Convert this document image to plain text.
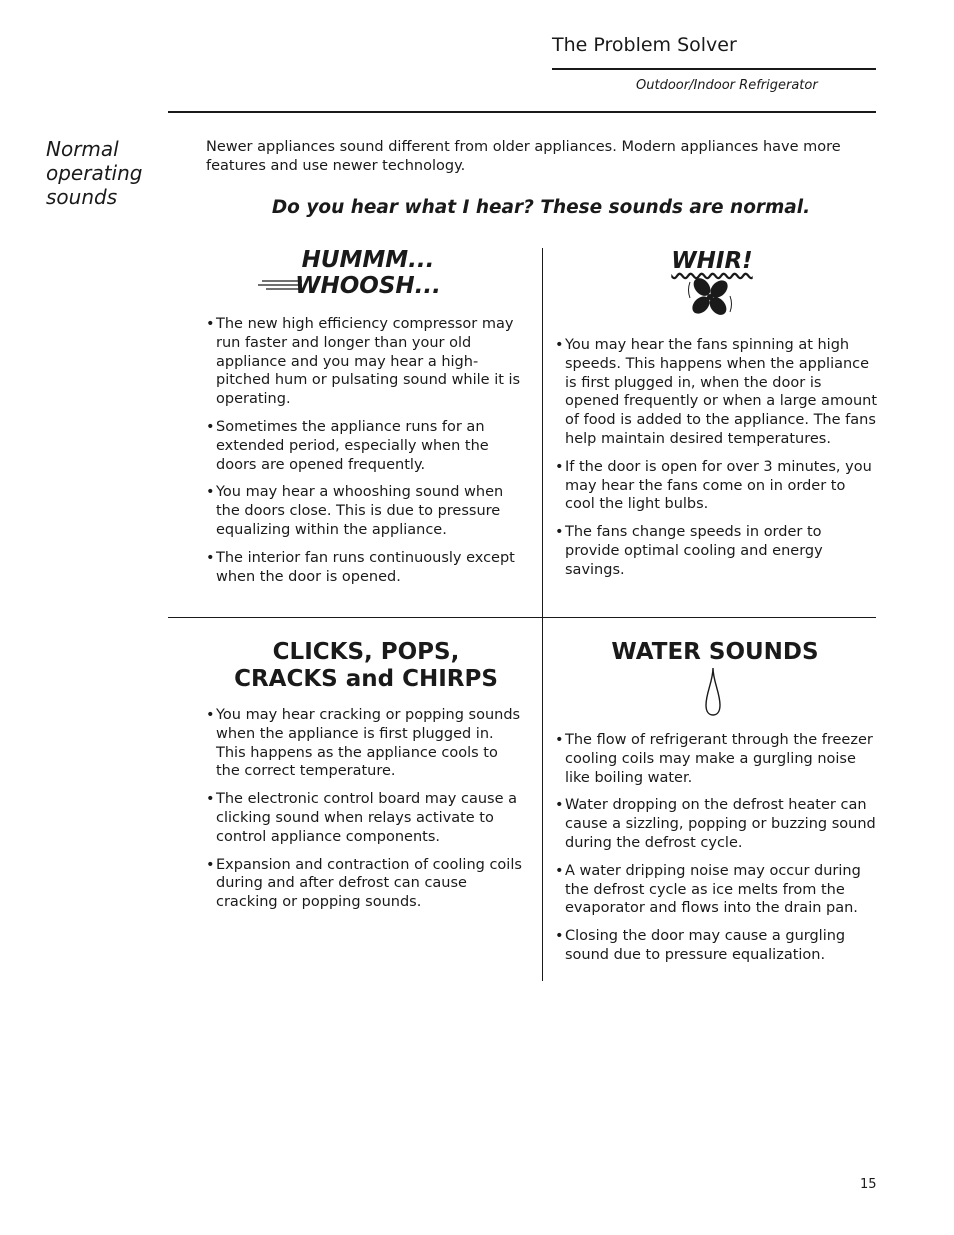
The Problem Solver
Outdoor/Indoor Refrigerator
Normal operating sounds
Newer appliances sound different from older appliances. Modern appliances have more features and use newer technology.
Do you hear what I hear? These sounds are normal.
HUMMM...
WHOOSH...
• The new high efficiency compressor may run faster and longer than your old appliance and you may hear a high-pitched hum or pulsating sound while it is operating.
• Sometimes the appliance runs for an extended period, especially when the doors are opened frequently.
• You may hear a whooshing sound when the doors close. This is due to pressure equalizing within the appliance.
• The interior fan runs continuously except when the door is opened.
WHIR!
• You may hear the fans spinning at high speeds. This happens when the appliance is first plugged in, when the door is opened frequently or when a large amount of food is added to the appliance. The fans help maintain desired temperatures.
• If the door is open for over 3 minutes, you may hear the fans come on in order to cool the light bulbs.
• The fans change speeds in order to provide optimal cooling and energy savings.
CLICKS, POPS,
CRACKS and CHIRPS
• You may hear cracking or popping sounds when the appliance is first plugged in. This happens as the appliance cools to the correct temperature.
• The electronic control board may cause a clicking sound when relays activate to control appliance components.
• Expansion and contraction of cooling coils during and after defrost can cause cracking or popping sounds.
WATER SOUNDS
• The flow of refrigerant through the freezer cooling coils may make a gurgling noise like boiling water.
• Water dropping on the defrost heater can cause a sizzling, popping or buzzing sound during the defrost cycle.
• A water dripping noise may occur during the defrost cycle as ice melts from the evaporator and flows into the drain pan.
• Closing the door may cause a gurgling sound due to pressure equalization.
15
